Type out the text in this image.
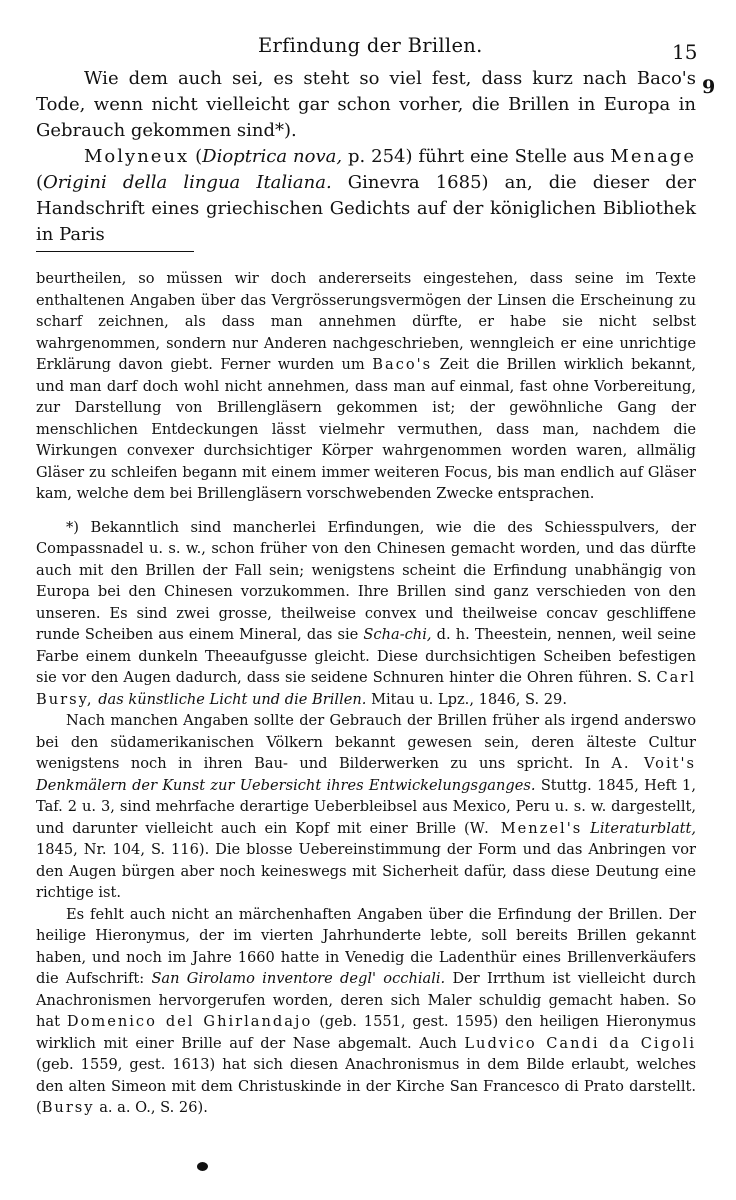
Erfindung der Brillen.	15
9

Wie dem auch sei, es steht so viel fest, dass kurz nach Baco's Tode, wenn nicht vielleicht gar schon vorher, die Brillen in Europa in Gebrauch gekommen sind*).

Molyneux (Dioptrica nova, p. 254) führt eine Stelle aus Menage (Origini della lingua Italiana. Ginevra 1685) an, die dieser der Handschrift eines griechischen Gedichts auf der königlichen Bibliothek in Paris

beurtheilen, so müssen wir doch andererseits eingestehen, dass seine im Texte enthaltenen Angaben über das Vergrösserungsvermögen der Linsen die Erscheinung zu scharf zeichnen, als dass man annehmen dürfte, er habe sie nicht selbst wahrgenommen, sondern nur Anderen nachgeschrieben, wenngleich er eine unrichtige Erklärung davon giebt. Ferner wurden um Baco's Zeit die Brillen wirklich bekannt, und man darf doch wohl nicht annehmen, dass man auf einmal, fast ohne Vorbereitung, zur Darstellung von Brillengläsern gekommen ist; der gewöhnliche Gang der menschlichen Entdeckungen lässt vielmehr vermuthen, dass man, nachdem die Wirkungen convexer durchsichtiger Körper wahrgenommen worden waren, allmälig Gläser zu schleifen begann mit einem immer weiteren Focus, bis man endlich auf Gläser kam, welche dem bei Brillengläsern vorschwebenden Zwecke entsprachen.

*) Bekanntlich sind mancherlei Erfindungen, wie die des Schiesspulvers, der Compassnadel u. s. w., schon früher von den Chinesen gemacht worden, und das dürfte auch mit den Brillen der Fall sein; wenigstens scheint die Erfindung unabhängig von Europa bei den Chinesen vorzukommen. Ihre Brillen sind ganz verschieden von den unseren. Es sind zwei grosse, theilweise convex und theilweise concav geschliffene runde Scheiben aus einem Mineral, das sie Scha-chi, d. h. Theestein, nennen, weil seine Farbe einem dunkeln Theeaufgusse gleicht. Diese durchsichtigen Scheiben befestigen sie vor den Augen dadurch, dass sie seidene Schnuren hinter die Ohren führen. S. Carl Bursy, das künstliche Licht und die Brillen. Mitau u. Lpz., 1846, S. 29.

Nach manchen Angaben sollte der Gebrauch der Brillen früher als irgend anderswo bei den südamerikanischen Völkern bekannt gewesen sein, deren älteste Cultur wenigstens noch in ihren Bau- und Bilderwerken zu uns spricht. In A. Voit's Denkmälern der Kunst zur Uebersicht ihres Entwickelungsganges. Stuttg. 1845, Heft 1, Taf. 2 u. 3, sind mehrfache derartige Ueberbleibsel aus Mexico, Peru u. s. w. dargestellt, und darunter vielleicht auch ein Kopf mit einer Brille (W. Menzel's Literaturblatt, 1845, Nr. 104, S. 116). Die blosse Uebereinstimmung der Form und das Anbringen vor den Augen bürgen aber noch keineswegs mit Sicherheit dafür, dass diese Deutung eine richtige ist.

Es fehlt auch nicht an märchenhaften Angaben über die Erfindung der Brillen. Der heilige Hieronymus, der im vierten Jahrhunderte lebte, soll bereits Brillen gekannt haben, und noch im Jahre 1660 hatte in Venedig die Ladenthür eines Brillenverkäufers die Aufschrift: San Girolamo inventore degl' occhiali. Der Irrthum ist vielleicht durch Anachronismen hervorgerufen worden, deren sich Maler schuldig gemacht haben. So hat Domenico del Ghirlandajo (geb. 1551, gest. 1595) den heiligen Hieronymus wirklich mit einer Brille auf der Nase abgemalt. Auch Ludvico Candi da Cigoli (geb. 1559, gest. 1613) hat sich diesen Anachronismus in dem Bilde erlaubt, welches den alten Simeon mit dem Christuskinde in der Kirche San Francesco di Prato darstellt. (Bursy a. a. O., S. 26).
